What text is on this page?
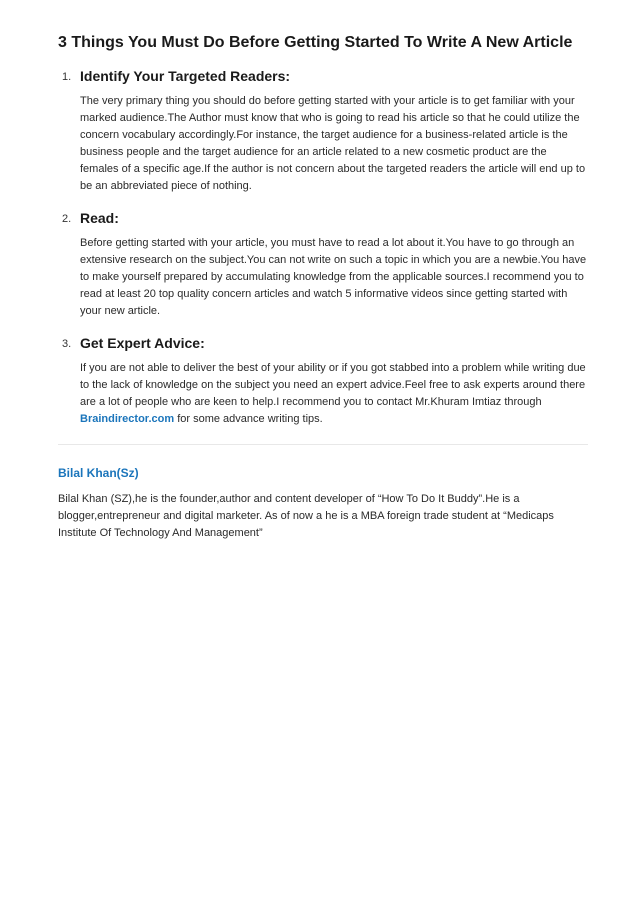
3 Things You Must Do Before Getting Started To Write A New Article
1. Identify Your Targeted Readers:

The very primary thing you should do before getting started with your article is to get familiar with your marked audience.The Author must know that who is going to read his article so that he could utilize the concern vocabulary accordingly.For instance, the target audience for a business-related article is the business people and the target audience for an article related to a new cosmetic product are the females of a specific age.If the author is not concern about the targeted readers the article will end up to be an abbreviated piece of nothing.

2. Read:

Before getting started with your article, you must have to read a lot about it.You have to go through an extensive research on the subject.You can not write on such a topic in which you are a newbie.You have to make yourself prepared by accumulating knowledge from the applicable sources.I recommend you to read at least 20 top quality concern articles and watch 5 informative videos since getting started with your new article.

3. Get Expert Advice:

If you are not able to deliver the best of your ability or if you got stabbed into a problem while writing due to the lack of knowledge on the subject you need an expert advice.Feel free to ask experts around there are a lot of people who are keen to help.I recommend you to contact Mr.Khuram Imtiaz through Braindirector.com for some advance writing tips.

Bilal Khan(Sz)

Bilal Khan (SZ),he is the founder,author and content developer of “How To Do It Buddy”.He is a blogger,entrepreneur and digital marketer. As of now a he is a MBA foreign trade student at “Medicaps Institute Of Technology And Management”
